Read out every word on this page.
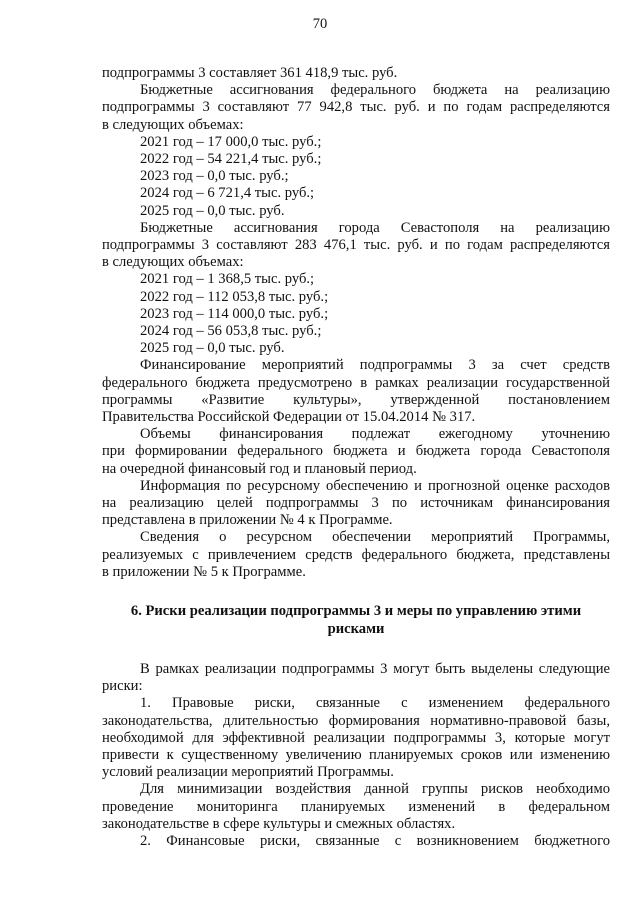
70

подпрограммы 3 составляет 361 418,9 тыс. руб.

Бюджетные ассигнования федерального бюджета на реализацию

подпрограммы 3 составляют 77 942,8 тыс. руб. и по годам распределяются

в следующих объемах:

2021 год – 17 000,0 тыс. руб.;

2022 год – 54 221,4 тыс. руб.;

2023 год – 0,0 тыс. руб.;

2024 год – 6 721,4 тыс. руб.;

2025 год – 0,0 тыс. руб.

Бюджетные ассигнования города Севастополя на реализацию

подпрограммы 3 составляют 283 476,1 тыс. руб. и по годам распределяются

в следующих объемах:

2021 год – 1 368,5 тыс. руб.;

2022 год – 112 053,8 тыс. руб.;

2023 год – 114 000,0 тыс. руб.;

2024 год – 56 053,8 тыс. руб.;

2025 год – 0,0 тыс. руб.

Финансирование мероприятий подпрограммы 3 за счет средств

федерального бюджета предусмотрено в рамках реализации государственной

программы «Развитие культуры», утвержденной постановлением

Правительства Российской Федерации от 15.04.2014 № 317.

Объемы финансирования подлежат ежегодному уточнению

при формировании федерального бюджета и бюджета города Севастополя

на очередной финансовый год и плановый период.

Информация по ресурсному обеспечению и прогнозной оценке расходов

на реализацию целей подпрограммы 3 по источникам финансирования

представлена в приложении № 4 к Программе.

Сведения о ресурсном обеспечении мероприятий Программы,

реализуемых с привлечением средств федерального бюджета, представлены

в приложении № 5 к Программе.

6. Риски реализации подпрограммы 3 и меры по управлению этими
рисками

В рамках реализации подпрограммы 3 могут быть выделены следующие

риски:

1. Правовые риски, связанные с изменением федерального

законодательства, длительностью формирования нормативно-правовой базы,

необходимой для эффективной реализации подпрограммы 3, которые могут

привести к существенному увеличению планируемых сроков или изменению

условий реализации мероприятий Программы.

Для минимизации воздействия данной группы рисков необходимо

проведение мониторинга планируемых изменений в федеральном

законодательстве в сфере культуры и смежных областях.

2. Финансовые риски, связанные с возникновением бюджетного
